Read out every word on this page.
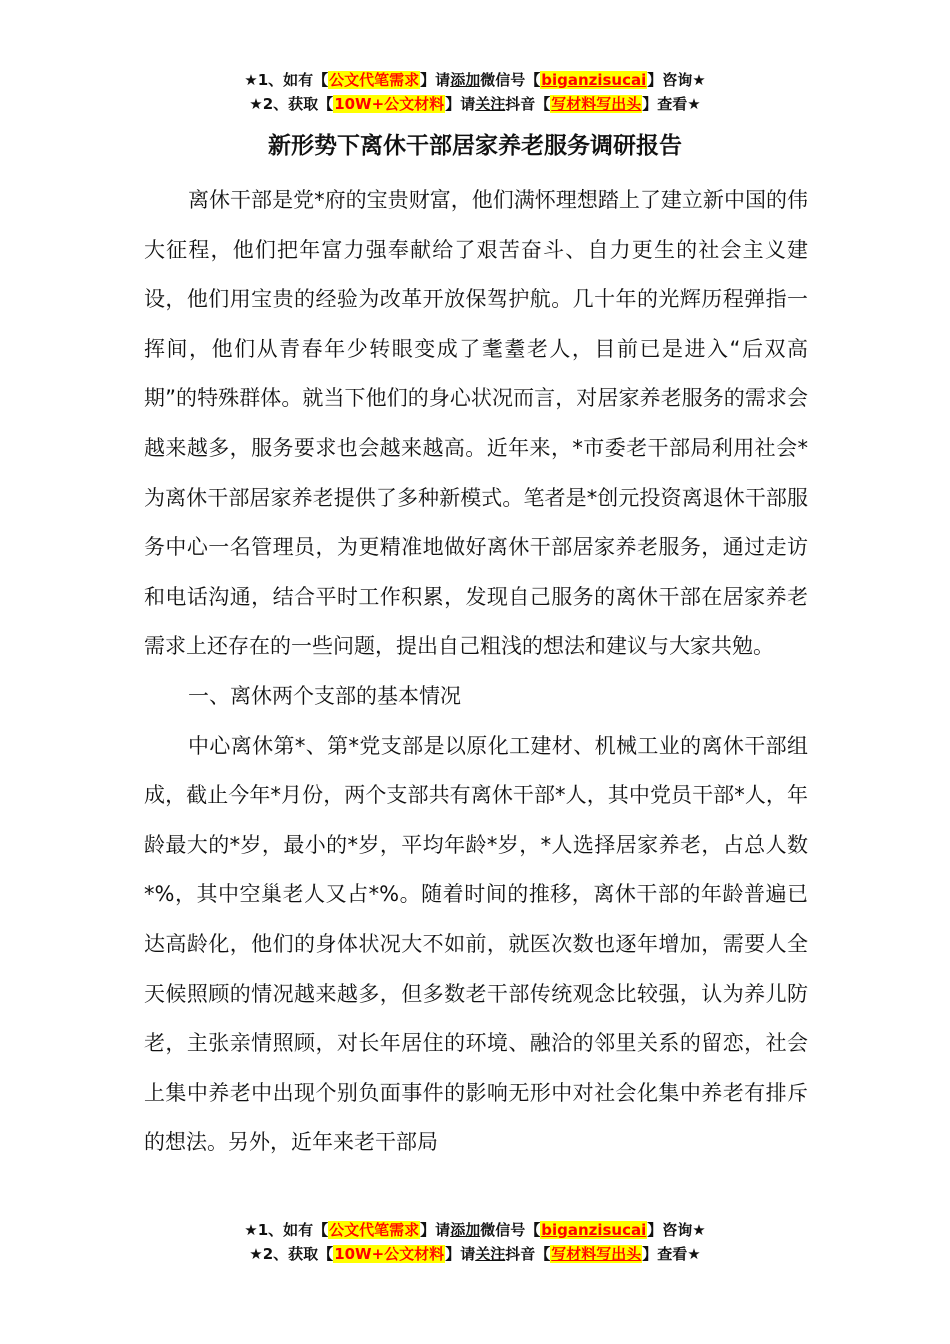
★1、如有【公文代笔需求】请添加微信号【biganzisucai】咨询★
★2、获取【10W+公文材料】请关注抖音【写材料写出头】查看★
新形势下离休干部居家养老服务调研报告

离休干部是党*府的宝贵财富，他们满怀理想踏上了建立新中国的伟大征程，他们把年富力强奉献给了艰苦奋斗、自力更生的社会主义建设，他们用宝贵的经验为改革开放保驾护航。几十年的光辉历程弹指一挥间，他们从青春年少转眼变成了耄耋老人，目前已是进入“后双高期”的特殊群体。就当下他们的身心状况而言，对居家养老服务的需求会越来越多，服务要求也会越来越高。近年来，*市委老干部局利用社会*为离休干部居家养老提供了多种新模式。笔者是*创元投资离退休干部服务中心一名管理员，为更精准地做好离休干部居家养老服务，通过走访和电话沟通，结合平时工作积累，发现自己服务的离休干部在居家养老需求上还存在的一些问题，提出自己粗浅的想法和建议与大家共勉。

一、离休两个支部的基本情况

中心离休第*、第*党支部是以原化工建材、机械工业的离休干部组成，截止今年*月份，两个支部共有离休干部*人，其中党员干部*人，年龄最大的*岁，最小的*岁，平均年龄*岁，*人选择居家养老，占总人数*%，其中空巢老人又占*%。随着时间的推移，离休干部的年龄普遍已达高龄化，他们的身体状况大不如前，就医次数也逐年增加，需要人全天候照顾的情况越来越多，但多数老干部传统观念比较强，认为养儿防老，主张亲情照顾，对长年居住的环境、融洽的邻里关系的留恋，社会上集中养老中出现个别负面事件的影响无形中对社会化集中养老有排斥的想法。另外，近年来老干部局

★1、如有【公文代笔需求】请添加微信号【biganzisucai】咨询★
★2、获取【10W+公文材料】请关注抖音【写材料写出头】查看★
